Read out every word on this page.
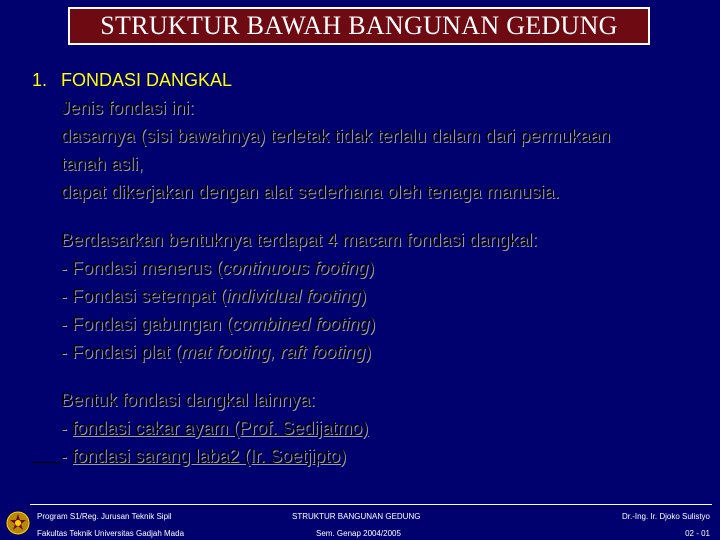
STRUKTUR BAWAH BANGUNAN GEDUNG
1. FONDASI DANGKAL
Jenis fondasi ini:
dasarnya (sisi bawahnya) terletak tidak terlalu dalam dari permukaan
tanah asli,
dapat dikerjakan dengan alat sederhana oleh tenaga manusia.
Berdasarkan bentuknya terdapat 4 macam fondasi dangkal:
- Fondasi menerus (continuous footing)
- Fondasi setempat (individual footing)
- Fondasi gabungan (combined footing)
- Fondasi plat (mat footing, raft footing)
Bentuk fondasi dangkal lainnya:
- fondasi cakar ayam (Prof. Sedijatmo)
- fondasi sarang laba2 (Ir. Soetjipto)
Program S1/Reg. Jurusan Teknik Sipil
Fakultas Teknik Universitas Gadjah Mada
STRUKTUR BANGUNAN GEDUNG
Sem. Genap 2004/2005
Dr.-Ing. Ir. Djoko Sulistyo
02 - 01
